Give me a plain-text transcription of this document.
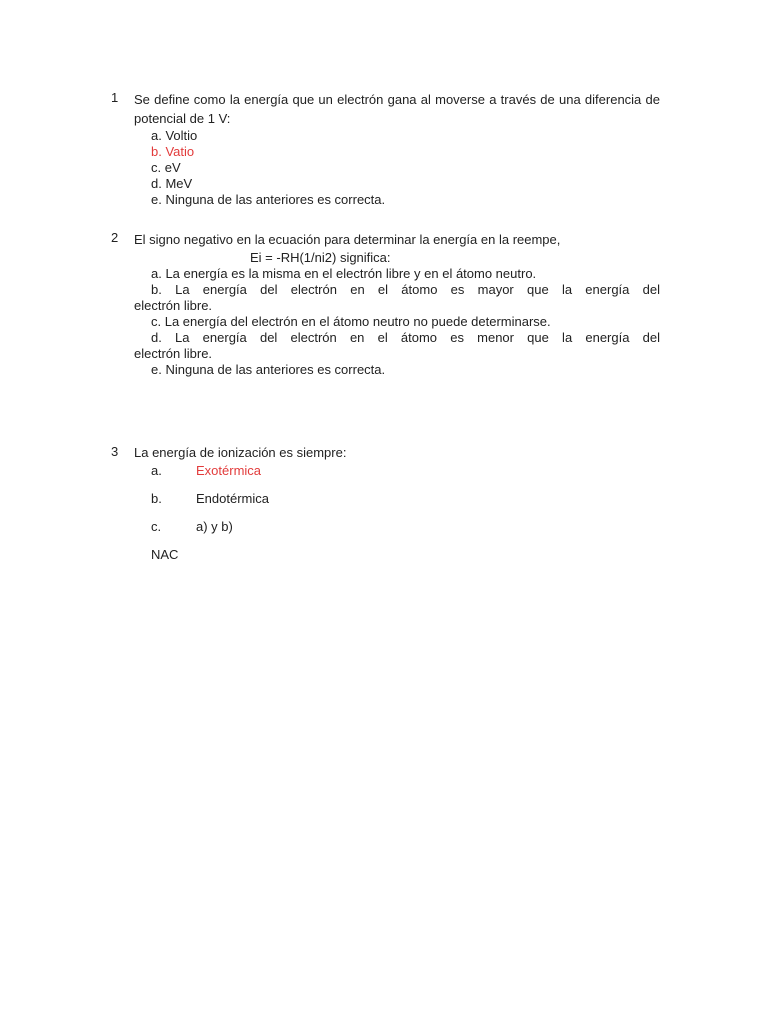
1 Se define como la energía que un electrón gana al moverse a través de una diferencia de potencial de 1 V:
a. Voltio
b. Vatio
c. eV
d. MeV
e. Ninguna de las anteriores es correcta.
2 El signo negativo en la ecuación para determinar la energía en la reempe,
Ei = -RH(1/ni2) significa:
a. La energía es la misma en el electrón libre y en el átomo neutro.
b. La energía del electrón en el átomo es mayor que la energía del
electrón libre.
c. La energía del electrón en el átomo neutro no puede determinarse.
d. La energía del electrón en el átomo es menor que la energía del
electrón libre.
e. Ninguna de las anteriores es correcta.
3 La energía de ionización es siempre:
a.	Exotérmica
b.	Endotérmica
c.	a) y b)
NAC
